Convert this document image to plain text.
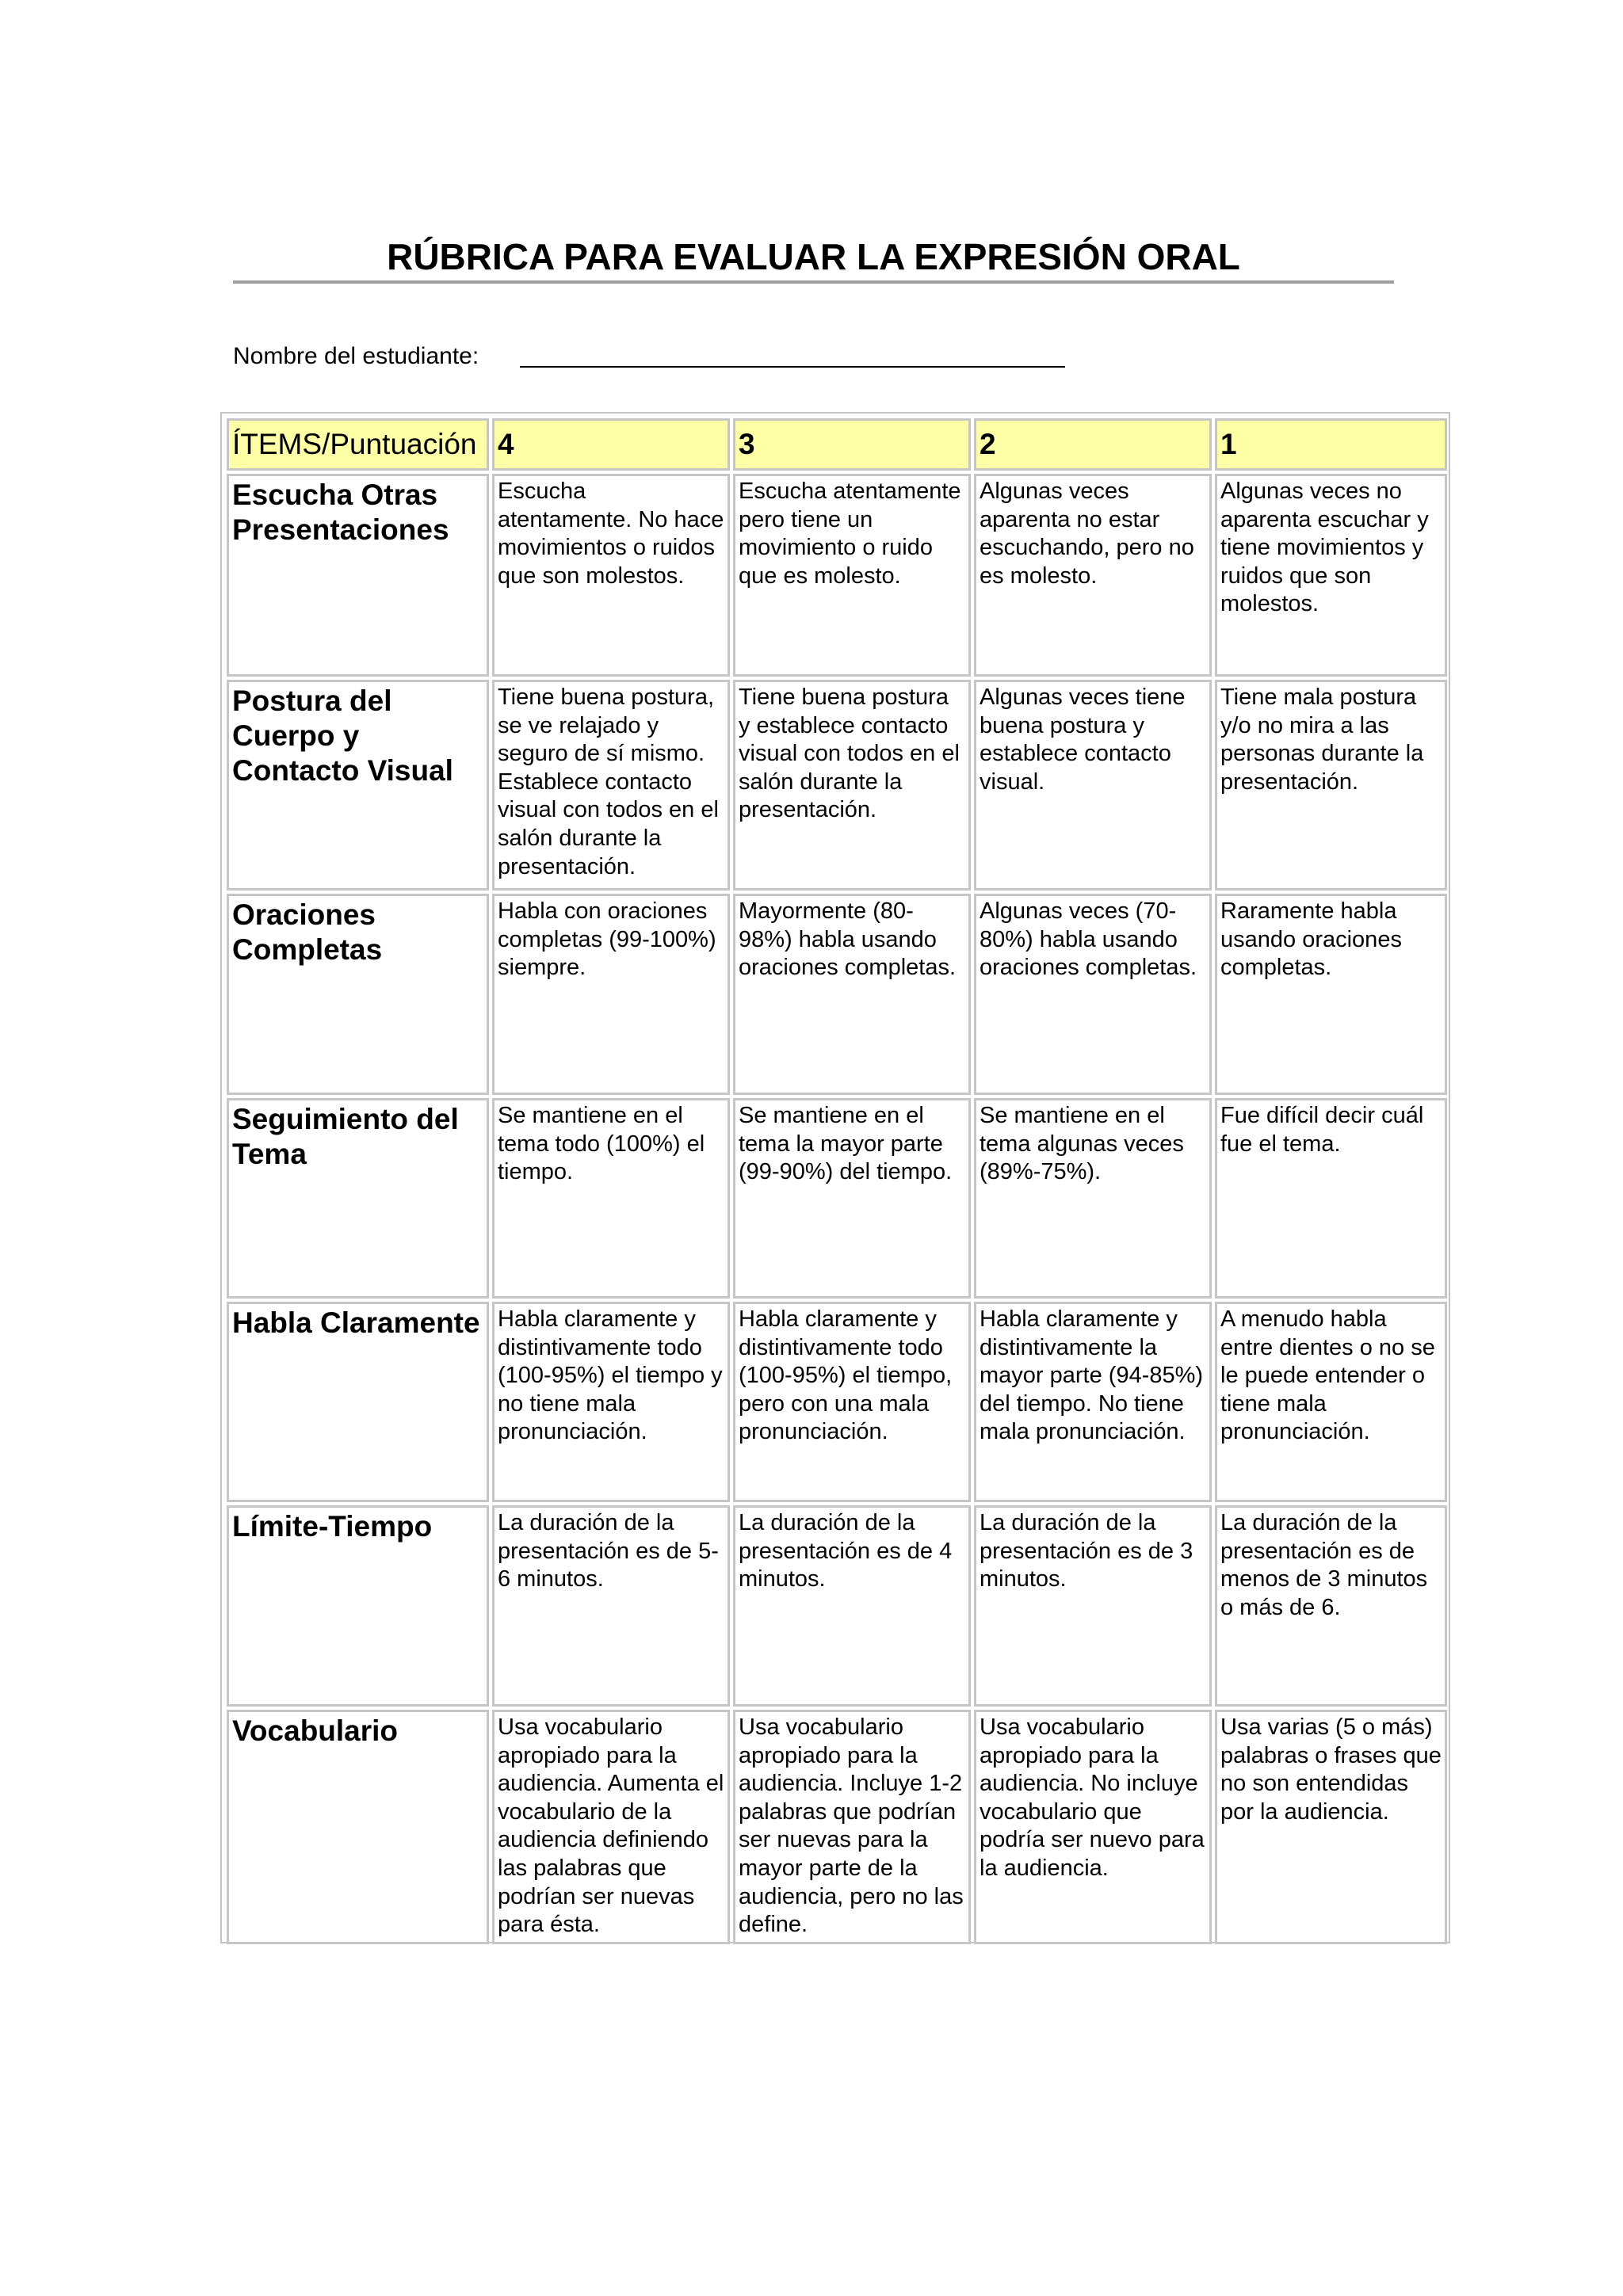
RÚBRICA PARA EVALUAR LA EXPRESIÓN ORAL
Nombre del estudiante:
ÍTEMS/Puntuación	4	3	2	1
Escucha Otras Presentaciones	Escucha atentamente. No hace movimientos o ruidos que son molestos.	Escucha atentamente pero tiene un movimiento o ruido que es molesto.	Algunas veces aparenta no estar escuchando, pero no es molesto.	Algunas veces no aparenta escuchar y tiene movimientos y ruidos que son molestos.
Postura del Cuerpo y Contacto Visual	Tiene buena postura, se ve relajado y seguro de sí mismo. Establece contacto visual con todos en el salón durante la presentación.	Tiene buena postura y establece contacto visual con todos en el salón durante la presentación.	Algunas veces tiene buena postura y establece contacto visual.	Tiene mala postura y/o no mira a las personas durante la presentación.
Oraciones Completas	Habla con oraciones completas (99-100%) siempre.	Mayormente (80-98%) habla usando oraciones completas.	Algunas veces (70-80%) habla usando oraciones completas.	Raramente habla usando oraciones completas.
Seguimiento del Tema	Se mantiene en el tema todo (100%) el tiempo.	Se mantiene en el tema la mayor parte (99-90%) del tiempo.	Se mantiene en el tema algunas veces (89%-75%).	Fue difícil decir cuál fue el tema.
Habla Claramente	Habla claramente y distintivamente todo (100-95%) el tiempo y no tiene mala pronunciación.	Habla claramente y distintivamente todo (100-95%) el tiempo, pero con una mala pronunciación.	Habla claramente y distintivamente la mayor parte (94-85%) del tiempo. No tiene mala pronunciación.	A menudo habla entre dientes o no se le puede entender o tiene mala pronunciación.
Límite-Tiempo	La duración de la presentación es de 5-6 minutos.	La duración de la presentación es de 4 minutos.	La duración de la presentación es de 3 minutos.	La duración de la presentación es de menos de 3 minutos o más de 6.
Vocabulario	Usa vocabulario apropiado para la audiencia. Aumenta el vocabulario de la audiencia definiendo las palabras que podrían ser nuevas para ésta.	Usa vocabulario apropiado para la audiencia. Incluye 1-2 palabras que podrían ser nuevas para la mayor parte de la audiencia, pero no las define.	Usa vocabulario apropiado para la audiencia. No incluye vocabulario que podría ser nuevo para la audiencia.	Usa varias (5 o más) palabras o frases que no son entendidas por la audiencia.
